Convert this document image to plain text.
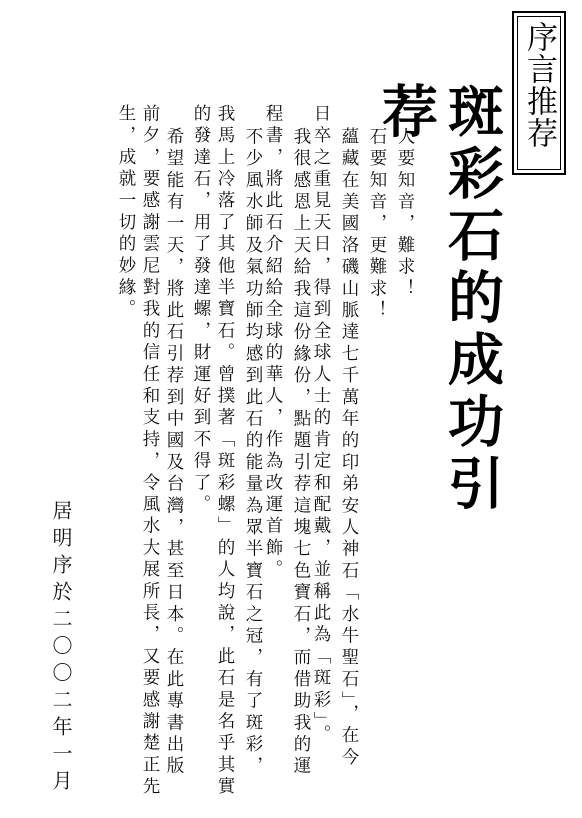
序言推荐
斑彩石的成功引荐
人要知音，難求！
石要知音，更難求！
蘊藏在美國洛磯山脈達七千萬年的印弟安人神石「水牛聖石」，在今
日卒之重見天日，得到全球人士的肯定和配戴，並稱此為「斑彩」。
我很感恩上天給我這份緣份，點題引荐這塊七色寶石，而借助我的運
程書，將此石介紹給全球的華人，作為改運首飾。
不少風水師及氣功師均感到此石的能量為眾半寶石之冠，有了斑彩，
我馬上冷落了其他半寶石。曾撲著「斑彩螺」的人均說，此石是名乎其實
的發達石，用了發達螺，財運好到不得了。
希望能有一天，將此石引荐到中國及台灣，甚至日本。在此專書出版
前夕，要感謝雲尼對我的信任和支持，令風水大展所長，又要感謝楚正先
生，成就一切的妙緣。
居明序於二〇〇二年一月
